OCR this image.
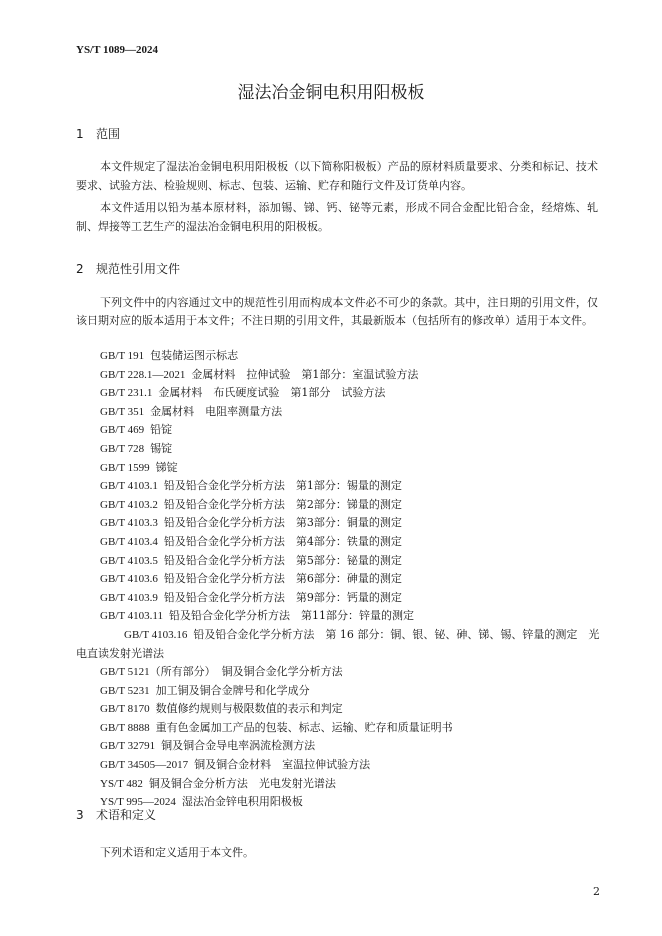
YS/T 1089—2024
湿法冶金铜电积用阳极板
1 范围

本文件规定了湿法冶金铜电积用阳极板（以下简称阳极板）产品的原材料质量要求、分类和标记、技术要求、试验方法、检验规则、标志、包装、运输、贮存和随行文件及订货单内容。

本文件适用以铅为基本原材料，添加锡、锑、钙、铋等元素，形成不同合金配比铅合金，经熔炼、轧制、焊接等工艺生产的湿法冶金铜电积用的阳极板。

2 规范性引用文件

下列文件中的内容通过文中的规范性引用而构成本文件必不可少的条款。其中，注日期的引用文件，仅该日期对应的版本适用于本文件；不注日期的引用文件，其最新版本（包括所有的修改单）适用于本文件。

GB/T 191 包装储运图示标志
GB/T 228.1—2021 金属材料　拉伸试验　第1部分：室温试验方法
GB/T 231.1 金属材料　布氏硬度试验　第1部分　试验方法
GB/T 351 金属材料　电阻率测量方法
GB/T 469 铅锭
GB/T 728 锡锭
GB/T 1599 锑锭
GB/T 4103.1 铅及铅合金化学分析方法　第1部分：锡量的测定
GB/T 4103.2 铅及铅合金化学分析方法　第2部分：锑量的测定
GB/T 4103.3 铅及铅合金化学分析方法　第3部分：铜量的测定
GB/T 4103.4 铅及铅合金化学分析方法　第4部分：铁量的测定
GB/T 4103.5 铅及铅合金化学分析方法　第5部分：铋量的测定
GB/T 4103.6 铅及铅合金化学分析方法　第6部分：砷量的测定
GB/T 4103.9 铅及铅合金化学分析方法　第9部分：钙量的测定
GB/T 4103.11 铅及铅合金化学分析方法　第11部分：锌量的测定
GB/T 4103.16 铅及铅合金化学分析方法　第 16 部分：铜、银、铋、砷、锑、锡、锌量的测定　光电直读发射光谱法
GB/T 5121（所有部分） 铜及铜合金化学分析方法
GB/T 5231 加工铜及铜合金牌号和化学成分
GB/T 8170 数值修约规则与极限数值的表示和判定
GB/T 8888 重有色金属加工产品的包装、标志、运输、贮存和质量证明书
GB/T 32791 铜及铜合金导电率涡流检测方法
GB/T 34505—2017 铜及铜合金材料　室温拉伸试验方法
YS/T 482 铜及铜合金分析方法　光电发射光谱法
YS/T 995—2024 湿法冶金锌电积用阳极板
3 术语和定义

下列术语和定义适用于本文件。

2
